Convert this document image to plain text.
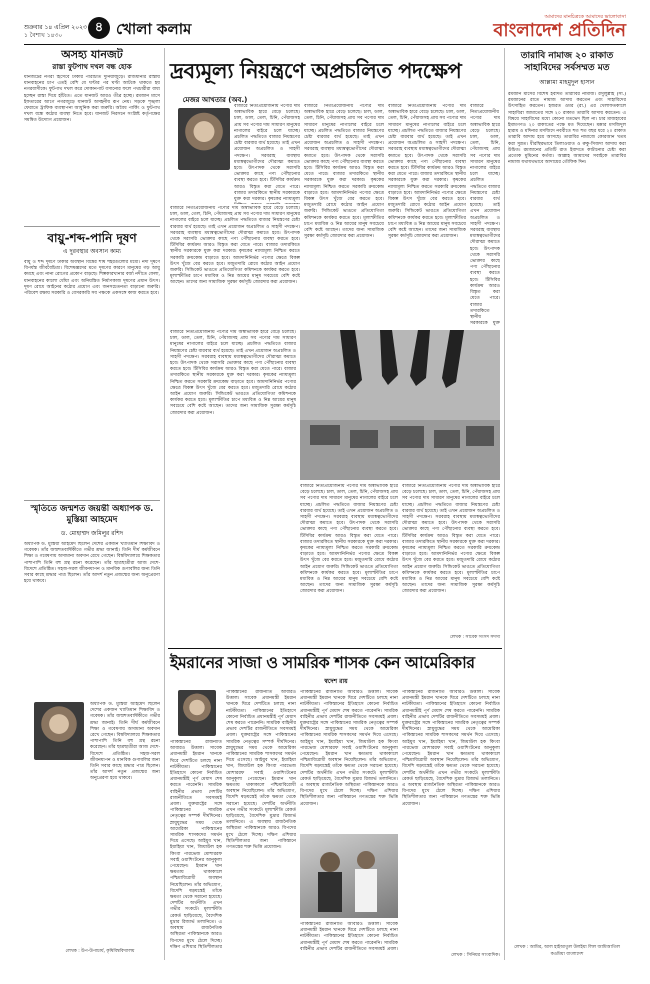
শুক্রবার ১৪ এপ্রিল ২০২৩
১ বৈশাখ ১৪৩০
৪ খোলা কলাম
আমাদের মানচিত্রকে আমাদের ভালোবাসা
বাংলাদেশ প্রতিদিন
অসহ্য যানজট
রাস্তা ফুটপাথ দখল বন্ধ হোক
যানজটের নগরী হিসেবে ঢাকার পরিচিতি দুনিয়াজুড়ে। রাজধানীর রাস্তায় যানবাহনের চাপ এতই বেশি যে ঘণ্টার পর ঘণ্টা আটকে থাকতে হয় নগরবাসীকে। ফুটপাথ দখল করে দোকানপাট বসানোর ফলে পথচারীরা বাধ্য হচ্ছেন রাস্তা দিয়ে হাঁটতে। এতে যানজট আরও তীব্র হচ্ছে। রমজান মাসে ইফতারের আগে নগরজুড়ে যানজট অসহনীয় রূপ নেয়। সড়কে শৃঙ্খলা ফেরাতে ট্রাফিক ব্যবস্থাপনা আধুনিক করা জরুরি। অবৈধ পার্কিং ও ফুটপাথ দখল বন্ধে কঠোর ব্যবস্থা নিতে হবে। যানজট নিরসনে সংশ্লিষ্ট কর্তৃপক্ষের সমন্বিত উদ্যোগ প্রয়োজন।
বায়ু-শব্দ-পানি দূষণ
এ দুরবস্থার অবসান কাম্য
বায়ু ও শব্দ দূষণে ঢাকার অবস্থান বিশ্বের শীর্ষ শহরগুলোর মধ্যে। নদী দূষণে বিপর্যস্ত জীববৈচিত্র্য। বিশেষজ্ঞদের মতে দূষণের কারণে মানুষের গড় আয়ু কমছে এবং নানা রোগের প্রকোপ বাড়ছে। শিল্পকারখানার বর্জ্য নদীতে ফেলা, যানবাহনের কালো ধোঁয়া এবং অনিয়ন্ত্রিত নির্মাণকাজ দূষণের প্রধান উৎস। দূষণ রোধে আইনের কঠোর প্রয়োগ এবং জনসচেতনতা বাড়ানো জরুরি। পরিবেশ রক্ষায় সরকারি ও বেসরকারি সব পক্ষকে একসঙ্গে কাজ করতে হবে।
স্মৃতিতে জন্মশত জয়ন্তী অধ্যাপক ড. মুস্তিয়া আহমেদ
ড. মোহাম্মদ জমিলুর রশিদ
অধ্যাপক ড. মুস্তিয়া আহমেদ ছিলেন দেশের একজন খ্যাতিমান শিক্ষাবিদ ও গবেষক। তাঁর জন্মশতবার্ষিকীতে গভীর শ্রদ্ধা জানাই। তিনি দীর্ঘ কর্মজীবনে শিক্ষা ও গবেষণায় অসামান্য অবদান রেখে গেছেন। বিশ্ববিদ্যালয়ে শিক্ষকতার পাশাপাশি তিনি বহু গ্রন্থ রচনা করেছেন। তাঁর ছাত্রছাত্রীরা আজ দেশে-বিদেশে প্রতিষ্ঠিত। সহজ-সরল জীবনযাপন ও মানবিক গুণাবলির জন্য তিনি সবার কাছে শ্রদ্ধার পাত্র ছিলেন। তাঁর আদর্শ নতুন প্রজন্মের জন্য অনুপ্রেরণা হয়ে থাকবে।
অধ্যাপক ড. মুস্তিয়া আহমেদ ছিলেন দেশের একজন খ্যাতিমান শিক্ষাবিদ ও গবেষক। তাঁর জন্মশতবার্ষিকীতে গভীর শ্রদ্ধা জানাই। তিনি দীর্ঘ কর্মজীবনে শিক্ষা ও গবেষণায় অসামান্য অবদান রেখে গেছেন। বিশ্ববিদ্যালয়ে শিক্ষকতার পাশাপাশি তিনি বহু গ্রন্থ রচনা করেছেন। তাঁর ছাত্রছাত্রীরা আজ দেশে-বিদেশে প্রতিষ্ঠিত। সহজ-সরল জীবনযাপন ও মানবিক গুণাবলির জন্য তিনি সবার কাছে শ্রদ্ধার পাত্র ছিলেন। তাঁর আদর্শ নতুন প্রজন্মের জন্য অনুপ্রেরণা হয়ে থাকবে।
লেখক : উপ-উপাচার্য, কৃষিবিশ্ববিদ্যালয়
দ্রব্যমূল্য নিয়ন্ত্রণে অপ্রচলিত পদক্ষেপ
মেজর আখতার (অব.)
বাজারে নিত্যপ্রয়োজনীয় পণ্যের দাম অস্বাভাবিক হারে বেড়ে চলেছে। চাল, ডাল, তেল, চিনি, পেঁয়াজসহ প্রায় সব পণ্যের দাম সাধারণ মানুষের নাগালের বাইরে চলে যাচ্ছে। প্রচলিত পদ্ধতিতে বাজার নিয়ন্ত্রণের চেষ্টা বারবার ব্যর্থ হয়েছে। তাই এখন প্রয়োজন অপ্রচলিত ও সাহসী পদক্ষেপ। সরবরাহ ব্যবস্থায় মধ্যস্বত্বভোগীদের দৌরাত্ম্য কমাতে হবে। উৎপাদক থেকে সরাসরি ভোক্তার কাছে পণ্য পৌঁছানোর ব্যবস্থা করতে হবে। টিসিবির কার্যক্রম আরও বিস্তৃত করা যেতে পারে। বাজার তদারকিতে স্থানীয় সরকারকে যুক্ত করা দরকার। কৃষকের ন্যায্যমূল্য
বাজারে নিত্যপ্রয়োজনীয় পণ্যের দাম অস্বাভাবিক হারে বেড়ে চলেছে। চাল, ডাল, তেল, চিনি, পেঁয়াজসহ প্রায় সব পণ্যের দাম সাধারণ মানুষের নাগালের বাইরে চলে যাচ্ছে। প্রচলিত পদ্ধতিতে বাজার নিয়ন্ত্রণের চেষ্টা বারবার ব্যর্থ হয়েছে। তাই এখন প্রয়োজন অপ্রচলিত ও সাহসী পদক্ষেপ। সরবরাহ ব্যবস্থায় মধ্যস্বত্বভোগীদের দৌরাত্ম্য কমাতে হবে। উৎপাদক থেকে সরাসরি ভোক্তার কাছে পণ্য পৌঁছানোর ব্যবস্থা করতে হবে। টিসিবির কার্যক্রম আরও বিস্তৃত করা যেতে পারে। বাজার তদারকিতে স্থানীয় সরকারকে যুক্ত করা দরকার। কৃষকের ন্যায্যমূল্য নিশ্চিত করতে সরকারি ক্রয়কেন্দ্র বাড়াতে হবে। আমদানিনির্ভর পণ্যের ক্ষেত্রে বিকল্প উৎস খুঁজে বের করতে হবে। মজুতদারি রোধে কঠোর আইন প্রয়োগ জরুরি। সিন্ডিকেট ভাঙতে প্রতিযোগিতা কমিশনকে কার্যকর করতে হবে। মূল্যস্ফীতির চাপে মধ্যবিত্ত ও নিম্ন আয়ের মানুষ সবচেয়ে বেশি কষ্টে আছেন। তাদের জন্য সামাজিক সুরক্ষা কর্মসূচি জোরদার করা প্রয়োজন।
বাজারে নিত্যপ্রয়োজনীয় পণ্যের দাম অস্বাভাবিক হারে বেড়ে চলেছে। চাল, ডাল, তেল, চিনি, পেঁয়াজসহ প্রায় সব পণ্যের দাম সাধারণ মানুষের নাগালের বাইরে চলে যাচ্ছে। প্রচলিত পদ্ধতিতে বাজার নিয়ন্ত্রণের চেষ্টা বারবার ব্যর্থ হয়েছে। তাই এখন প্রয়োজন অপ্রচলিত ও সাহসী পদক্ষেপ। সরবরাহ ব্যবস্থায় মধ্যস্বত্বভোগীদের দৌরাত্ম্য কমাতে হবে। উৎপাদক থেকে সরাসরি ভোক্তার কাছে পণ্য পৌঁছানোর ব্যবস্থা করতে হবে। টিসিবির কার্যক্রম আরও বিস্তৃত করা যেতে পারে। বাজার তদারকিতে স্থানীয় সরকারকে যুক্ত করা দরকার। কৃষকের ন্যায্যমূল্য নিশ্চিত করতে সরকারি ক্রয়কেন্দ্র বাড়াতে হবে। আমদানিনির্ভর পণ্যের ক্ষেত্রে বিকল্প উৎস খুঁজে বের করতে হবে। মজুতদারি রোধে কঠোর আইন প্রয়োগ জরুরি। সিন্ডিকেট ভাঙতে প্রতিযোগিতা কমিশনকে কার্যকর করতে হবে। মূল্যস্ফীতির চাপে মধ্যবিত্ত ও নিম্ন আয়ের মানুষ সবচেয়ে বেশি কষ্টে আছেন। তাদের জন্য সামাজিক সুরক্ষা কর্মসূচি জোরদার করা প্রয়োজন।
বাজারে নিত্যপ্রয়োজনীয় পণ্যের দাম অস্বাভাবিক হারে বেড়ে চলেছে। চাল, ডাল, তেল, চিনি, পেঁয়াজসহ প্রায় সব পণ্যের দাম সাধারণ মানুষের নাগালের বাইরে চলে যাচ্ছে। প্রচলিত পদ্ধতিতে বাজার নিয়ন্ত্রণের চেষ্টা বারবার ব্যর্থ হয়েছে। তাই এখন প্রয়োজন অপ্রচলিত ও সাহসী পদক্ষেপ। সরবরাহ ব্যবস্থায় মধ্যস্বত্বভোগীদের দৌরাত্ম্য কমাতে হবে। উৎপাদক থেকে সরাসরি ভোক্তার কাছে পণ্য পৌঁছানোর ব্যবস্থা করতে হবে। টিসিবির কার্যক্রম আরও বিস্তৃত করা যেতে পারে। বাজার তদারকিতে স্থানীয় সরকারকে যুক্ত করা দরকার। কৃষকের ন্যায্যমূল্য নিশ্চিত করতে সরকারি ক্রয়কেন্দ্র বাড়াতে হবে। আমদানিনির্ভর পণ্যের ক্ষেত্রে বিকল্প উৎস খুঁজে বের করতে হবে। মজুতদারি রোধে কঠোর আইন প্রয়োগ জরুরি। সিন্ডিকেট ভাঙতে প্রতিযোগিতা কমিশনকে কার্যকর করতে হবে। মূল্যস্ফীতির চাপে মধ্যবিত্ত ও নিম্ন আয়ের মানুষ সবচেয়ে বেশি কষ্টে আছেন। তাদের জন্য সামাজিক সুরক্ষা কর্মসূচি জোরদার করা প্রয়োজন।
বাজারে নিত্যপ্রয়োজনীয় পণ্যের দাম অস্বাভাবিক হারে বেড়ে চলেছে। চাল, ডাল, তেল, চিনি, পেঁয়াজসহ প্রায় সব পণ্যের দাম সাধারণ মানুষের নাগালের বাইরে চলে যাচ্ছে। প্রচলিত পদ্ধতিতে বাজার নিয়ন্ত্রণের চেষ্টা বারবার ব্যর্থ হয়েছে। তাই এখন প্রয়োজন অপ্রচলিত ও সাহসী পদক্ষেপ। সরবরাহ ব্যবস্থায় মধ্যস্বত্বভোগীদের দৌরাত্ম্য কমাতে হবে। উৎপাদক থেকে সরাসরি ভোক্তার কাছে পণ্য পৌঁছানোর ব্যবস্থা করতে হবে। টিসিবির কার্যক্রম আরও বিস্তৃত করা যেতে পারে। বাজার তদারকিতে স্থানীয় সরকারকে যুক্ত
বাজারে নিত্যপ্রয়োজনীয় পণ্যের দাম অস্বাভাবিক হারে বেড়ে চলেছে। চাল, ডাল, তেল, চিনি, পেঁয়াজসহ প্রায় সব পণ্যের দাম সাধারণ মানুষের নাগালের বাইরে চলে যাচ্ছে। প্রচলিত পদ্ধতিতে বাজার নিয়ন্ত্রণের চেষ্টা বারবার ব্যর্থ হয়েছে। তাই এখন প্রয়োজন অপ্রচলিত ও সাহসী পদক্ষেপ। সরবরাহ ব্যবস্থায় মধ্যস্বত্বভোগীদের দৌরাত্ম্য কমাতে হবে। উৎপাদক থেকে সরাসরি ভোক্তার কাছে পণ্য পৌঁছানোর ব্যবস্থা করতে হবে। টিসিবির কার্যক্রম আরও বিস্তৃত করা যেতে পারে। বাজার তদারকিতে স্থানীয় সরকারকে যুক্ত করা দরকার। কৃষকের ন্যায্যমূল্য নিশ্চিত করতে সরকারি ক্রয়কেন্দ্র বাড়াতে হবে। আমদানিনির্ভর পণ্যের ক্ষেত্রে বিকল্প উৎস খুঁজে বের করতে হবে। মজুতদারি রোধে কঠোর আইন প্রয়োগ জরুরি। সিন্ডিকেট ভাঙতে প্রতিযোগিতা কমিশনকে কার্যকর করতে হবে। মূল্যস্ফীতির চাপে মধ্যবিত্ত ও নিম্ন আয়ের মানুষ সবচেয়ে বেশি কষ্টে আছেন। তাদের জন্য সামাজিক সুরক্ষা কর্মসূচি জোরদার করা প্রয়োজন।
বাজারে নিত্যপ্রয়োজনীয় পণ্যের দাম অস্বাভাবিক হারে বেড়ে চলেছে। চাল, ডাল, তেল, চিনি, পেঁয়াজসহ প্রায় সব পণ্যের দাম সাধারণ মানুষের নাগালের বাইরে চলে যাচ্ছে। প্রচলিত পদ্ধতিতে বাজার নিয়ন্ত্রণের চেষ্টা বারবার ব্যর্থ হয়েছে। তাই এখন প্রয়োজন অপ্রচলিত ও সাহসী পদক্ষেপ। সরবরাহ ব্যবস্থায় মধ্যস্বত্বভোগীদের দৌরাত্ম্য কমাতে হবে। উৎপাদক থেকে সরাসরি ভোক্তার কাছে পণ্য পৌঁছানোর ব্যবস্থা করতে হবে। টিসিবির কার্যক্রম আরও বিস্তৃত করা যেতে পারে। বাজার তদারকিতে স্থানীয় সরকারকে যুক্ত করা দরকার। কৃষকের ন্যায্যমূল্য নিশ্চিত করতে সরকারি ক্রয়কেন্দ্র বাড়াতে হবে। আমদানিনির্ভর পণ্যের ক্ষেত্রে বিকল্প উৎস খুঁজে বের করতে হবে। মজুতদারি রোধে কঠোর আইন প্রয়োগ জরুরি। সিন্ডিকেট ভাঙতে প্রতিযোগিতা কমিশনকে কার্যকর করতে হবে। মূল্যস্ফীতির চাপে মধ্যবিত্ত ও নিম্ন আয়ের মানুষ সবচেয়ে বেশি কষ্টে আছেন। তাদের জন্য সামাজিক সুরক্ষা কর্মসূচি জোরদার করা প্রয়োজন।
বাজারে নিত্যপ্রয়োজনীয় পণ্যের দাম অস্বাভাবিক হারে বেড়ে চলেছে। চাল, ডাল, তেল, চিনি, পেঁয়াজসহ প্রায় সব পণ্যের দাম সাধারণ মানুষের নাগালের বাইরে চলে যাচ্ছে। প্রচলিত পদ্ধতিতে বাজার নিয়ন্ত্রণের চেষ্টা বারবার ব্যর্থ হয়েছে। তাই এখন প্রয়োজন অপ্রচলিত ও সাহসী পদক্ষেপ। সরবরাহ ব্যবস্থায় মধ্যস্বত্বভোগীদের দৌরাত্ম্য কমাতে হবে। উৎপাদক থেকে সরাসরি ভোক্তার কাছে পণ্য পৌঁছানোর ব্যবস্থা করতে হবে। টিসিবির কার্যক্রম আরও বিস্তৃত করা যেতে পারে। বাজার তদারকিতে স্থানীয় সরকারকে যুক্ত করা দরকার। কৃষকের ন্যায্যমূল্য নিশ্চিত করতে সরকারি ক্রয়কেন্দ্র বাড়াতে হবে। আমদানিনির্ভর পণ্যের ক্ষেত্রে বিকল্প উৎস খুঁজে বের করতে হবে। মজুতদারি রোধে কঠোর আইন প্রয়োগ জরুরি। সিন্ডিকেট ভাঙতে প্রতিযোগিতা কমিশনকে কার্যকর করতে হবে। মূল্যস্ফীতির চাপে মধ্যবিত্ত ও নিম্ন আয়ের মানুষ সবচেয়ে বেশি কষ্টে আছেন। তাদের জন্য সামাজিক সুরক্ষা কর্মসূচি জোরদার করা প্রয়োজন।
লেখক : সাবেক সংসদ সদস্য
তারাবি নামাজ ২০ রাকাত সাহাবিদের সর্বসম্মত মত
আল্লামা মাহমুদুল হাসান
রমজান মাসের বিশেষ ইবাদত তারাবির নামাজ। রসুলুল্লাহ (সা.) রমজানের রাতে নামাজ আদায় করতেন এবং সাহাবিদের উৎসাহিত করতেন। হজরত ওমর (রা.) এর খেলাফতকালে সাহাবিরা জামাতের সঙ্গে ২০ রাকাত তারাবি আদায় করতেন। এ বিষয়ে সাহাবিদের মধ্যে কোনো মতভেদ ছিল না। চার মাজহাবের ইমামগণও ২০ রাকাতের পক্ষে মত দিয়েছেন। মক্কার মসজিদুল হারাম ও মদিনার মসজিদে নববীতে শত শত বছর ধরে ২০ রাকাত তারাবি আদায় হয়ে আসছে। তারাবির নামাজে কোরআন খতম করা সুন্নত। ধীরস্থিরভাবে তিলাওয়াত ও রুকু-সিজদা আদায় করা উচিত। রমজানের প্রতিটি রাত ইবাদতে কাটানোর চেষ্টা করা প্রত্যেক মুমিনের কর্তব্য। আল্লাহ আমাদের সবাইকে তারাবির নামাজ যথাযথভাবে আদায়ের তৌফিক দিন।
লেখক : আমির, আল হাইআতুল উলইয়া লিল জামিআতিল কওমিয়া বাংলাদেশ
ইমরানের সাজা ও সামরিক শাসক কেন আমেরিকার
স্বদেশ রায়
পাকিস্তানের রাজনীতি আবারও উত্তাল। সাবেক প্রধানমন্ত্রী ইমরান খানকে ঘিরে দেশটিতে চলছে নানা নাটকীয়তা। পাকিস্তানের ইতিহাসে কোনো নির্বাচিত প্রধানমন্ত্রীই পূর্ণ মেয়াদ শেষ করতে পারেননি। সামরিক বাহিনীর প্রভাব দেশটির রাজনীতিতে সবসময়ই প্রবল। যুক্তরাষ্ট্রের সঙ্গে পাকিস্তানের সামরিক নেতৃত্বের সম্পর্ক দীর্ঘদিনের। স্নায়ুযুদ্ধের সময় থেকে আমেরিকা পাকিস্তানের সামরিক শাসকদের সমর্থন দিয়ে এসেছে। আইয়ুব খান, ইয়াহিয়া খান, জিয়াউল হক কিংবা পারভেজ মোশাররফ সবাই ওয়াশিংটনের আনুকূল্য পেয়েছেন। ইমরান খান ক্ষমতায় থাকাকালে পশ্চিমাবিরোধী অবস্থান নিয়েছিলেন। তাঁর অভিযোগ, বিদেশি ষড়যন্ত্রেই তাঁকে ক্ষমতা থেকে সরানো হয়েছে। দেশটির অর্থনীতি এখন গভীর সংকটে। মূল্যস্ফীতি রেকর্ড ছাড়িয়েছে, বৈদেশিক মুদ্রার রিজার্ভ তলানিতে। এ অবস্থায় রাজনৈতিক অস্থিরতা পাকিস্তানকে আরও বিপদের মুখে ঠেলে দিচ্ছে। দক্ষিণ এশিয়ার স্থিতিশীলতার
পাকিস্তানের রাজনীতি আবারও উত্তাল। সাবেক প্রধানমন্ত্রী ইমরান খানকে ঘিরে দেশটিতে চলছে নানা নাটকীয়তা। পাকিস্তানের ইতিহাসে কোনো নির্বাচিত প্রধানমন্ত্রীই পূর্ণ মেয়াদ শেষ করতে পারেননি। সামরিক বাহিনীর প্রভাব দেশটির রাজনীতিতে সবসময়ই প্রবল। যুক্তরাষ্ট্রের সঙ্গে পাকিস্তানের সামরিক নেতৃত্বের সম্পর্ক দীর্ঘদিনের। স্নায়ুযুদ্ধের সময় থেকে আমেরিকা পাকিস্তানের সামরিক শাসকদের সমর্থন দিয়ে এসেছে। আইয়ুব খান, ইয়াহিয়া খান, জিয়াউল হক কিংবা পারভেজ মোশাররফ সবাই ওয়াশিংটনের আনুকূল্য পেয়েছেন। ইমরান খান ক্ষমতায় থাকাকালে পশ্চিমাবিরোধী অবস্থান নিয়েছিলেন। তাঁর অভিযোগ, বিদেশি ষড়যন্ত্রেই তাঁকে ক্ষমতা থেকে সরানো হয়েছে। দেশটির অর্থনীতি এখন গভীর সংকটে। মূল্যস্ফীতি রেকর্ড ছাড়িয়েছে, বৈদেশিক মুদ্রার রিজার্ভ তলানিতে। এ অবস্থায় রাজনৈতিক অস্থিরতা পাকিস্তানকে আরও বিপদের মুখে ঠেলে দিচ্ছে। দক্ষিণ এশিয়ার স্থিতিশীলতার জন্য পাকিস্তানে গণতন্ত্রের শক্ত ভিত্তি প্রয়োজন।
পাকিস্তানের রাজনীতি আবারও উত্তাল। সাবেক প্রধানমন্ত্রী ইমরান খানকে ঘিরে দেশটিতে চলছে নানা নাটকীয়তা। পাকিস্তানের ইতিহাসে কোনো নির্বাচিত প্রধানমন্ত্রীই পূর্ণ মেয়াদ শেষ করতে পারেননি। সামরিক বাহিনীর প্রভাব দেশটির রাজনীতিতে সবসময়ই প্রবল। যুক্তরাষ্ট্রের সঙ্গে পাকিস্তানের সামরিক নেতৃত্বের সম্পর্ক দীর্ঘদিনের। স্নায়ুযুদ্ধের সময় থেকে আমেরিকা পাকিস্তানের সামরিক শাসকদের সমর্থন দিয়ে এসেছে। আইয়ুব খান, ইয়াহিয়া খান, জিয়াউল হক কিংবা পারভেজ মোশাররফ সবাই ওয়াশিংটনের আনুকূল্য পেয়েছেন। ইমরান খান ক্ষমতায় থাকাকালে পশ্চিমাবিরোধী অবস্থান নিয়েছিলেন। তাঁর অভিযোগ, বিদেশি ষড়যন্ত্রেই তাঁকে ক্ষমতা থেকে সরানো হয়েছে। দেশটির অর্থনীতি এখন গভীর সংকটে। মূল্যস্ফীতি রেকর্ড ছাড়িয়েছে, বৈদেশিক মুদ্রার রিজার্ভ তলানিতে। এ অবস্থায় রাজনৈতিক অস্থিরতা পাকিস্তানকে আরও বিপদের মুখে ঠেলে দিচ্ছে। দক্ষিণ এশিয়ার স্থিতিশীলতার জন্য পাকিস্তানে গণতন্ত্রের শক্ত ভিত্তি প্রয়োজন।
পাকিস্তানের রাজনীতি আবারও উত্তাল। সাবেক প্রধানমন্ত্রী ইমরান খানকে ঘিরে দেশটিতে চলছে নানা নাটকীয়তা। পাকিস্তানের ইতিহাসে কোনো নির্বাচিত প্রধানমন্ত্রীই পূর্ণ মেয়াদ শেষ করতে পারেননি। সামরিক বাহিনীর প্রভাব দেশটির রাজনীতিতে সবসময়ই প্রবল। যুক্তরাষ্ট্রের সঙ্গে পাকিস্তানের সামরিক নেতৃত্বের সম্পর্ক দীর্ঘদিনের। স্নায়ুযুদ্ধের সময় থেকে আমেরিকা পাকিস্তানের সামরিক শাসকদের সমর্থন দিয়ে এসেছে। আইয়ুব খান, ইয়াহিয়া খান, জিয়াউল হক কিংবা পারভেজ মোশাররফ সবাই ওয়াশিংটনের আনুকূল্য পেয়েছেন। ইমরান খান ক্ষমতায় থাকাকালে পশ্চিমাবিরোধী অবস্থান নিয়েছিলেন। তাঁর অভিযোগ, বিদেশি ষড়যন্ত্রেই তাঁকে ক্ষমতা থেকে সরানো হয়েছে। দেশটির অর্থনীতি এখন গভীর সংকটে। মূল্যস্ফীতি রেকর্ড ছাড়িয়েছে, বৈদেশিক মুদ্রার রিজার্ভ তলানিতে। এ অবস্থায় রাজনৈতিক অস্থিরতা পাকিস্তানকে আরও বিপদের মুখে ঠেলে দিচ্ছে। দক্ষিণ এশিয়ার স্থিতিশীলতার জন্য পাকিস্তানে গণতন্ত্রের শক্ত ভিত্তি প্রয়োজন।
পাকিস্তানের রাজনীতি আবারও উত্তাল। সাবেক প্রধানমন্ত্রী ইমরান খানকে ঘিরে দেশটিতে চলছে নানা নাটকীয়তা। পাকিস্তানের ইতিহাসে কোনো নির্বাচিত প্রধানমন্ত্রীই পূর্ণ মেয়াদ শেষ করতে পারেননি। সামরিক বাহিনীর প্রভাব দেশটির রাজনীতিতে সবসময়ই প্রবল।
লেখক : সিনিয়র সাংবাদিক।
